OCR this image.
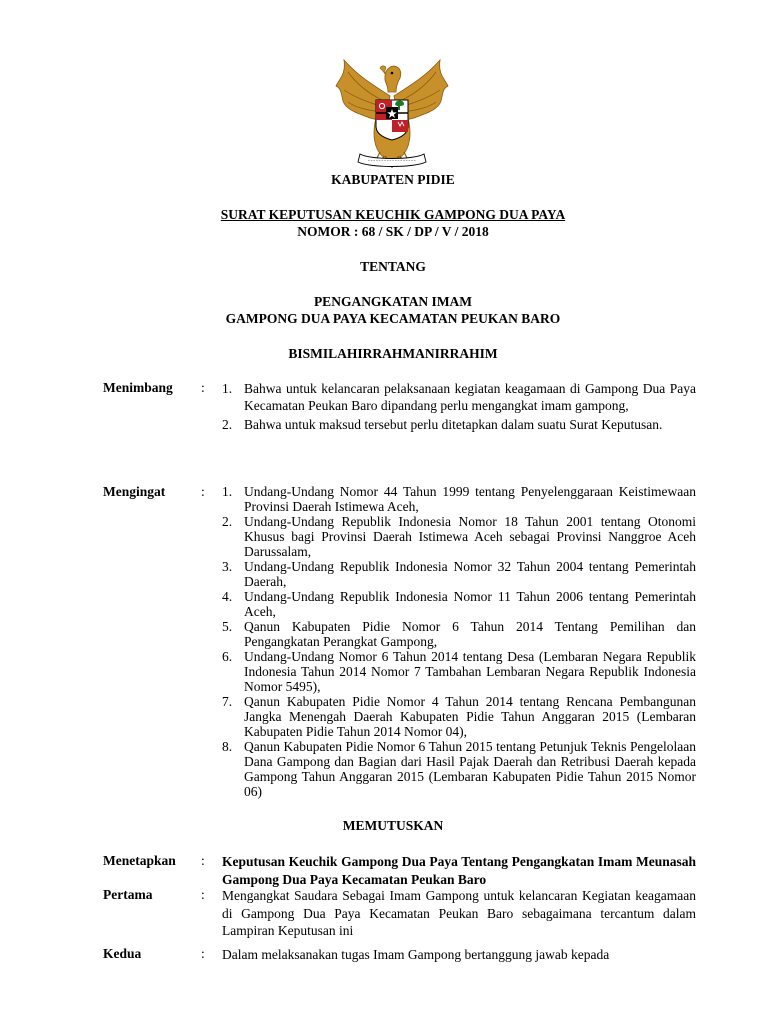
KABUPATEN PIDIE
SURAT KEPUTUSAN KEUCHIK GAMPONG DUA PAYA
NOMOR : 68 / SK / DP / V / 2018
TENTANG
PENGANGKATAN IMAM
GAMPONG DUA PAYA KECAMATAN PEUKAN BARO
BISMILAHIRRAHMANIRRAHIM
Menimbang : 1. Bahwa untuk kelancaran pelaksanaan kegiatan keagamaan di Gampong Dua Paya Kecamatan Peukan Baro dipandang perlu mengangkat imam gampong,
2. Bahwa untuk maksud tersebut perlu ditetapkan dalam suatu Surat Keputusan.
Mengingat	: 1. Undang-Undang Nomor 44 Tahun 1999 tentang Penyelenggaraan Keistimewaan Provinsi Daerah Istimewa Aceh,
2. Undang-Undang Republik Indonesia Nomor 18 Tahun 2001 tentang Otonomi Khusus bagi Provinsi Daerah Istimewa Aceh sebagai Provinsi Nanggroe Aceh Darussalam,
3. Undang-Undang Republik Indonesia Nomor 32 Tahun 2004 tentang Pemerintah Daerah,
4. Undang-Undang Republik Indonesia Nomor 11 Tahun 2006 tentang Pemerintah Aceh,
5. Qanun Kabupaten Pidie Nomor 6 Tahun 2014 Tentang Pemilihan dan Pengangkatan Perangkat Gampong,
6. Undang-Undang Nomor 6 Tahun 2014 tentang Desa (Lembaran Negara Republik Indonesia Tahun 2014 Nomor 7 Tambahan Lembaran Negara Republik Indonesia Nomor 5495),
7. Qanun Kabupaten Pidie Nomor 4 Tahun 2014 tentang Rencana Pembangunan Jangka Menengah Daerah Kabupaten Pidie Tahun Anggaran 2015 (Lembaran Kabupaten Pidie Tahun 2014 Nomor 04),
8. Qanun Kabupaten Pidie Nomor 6 Tahun 2015 tentang Petunjuk Teknis Pengelolaan Dana Gampong dan Bagian dari Hasil Pajak Daerah dan Retribusi Daerah kepada Gampong Tahun Anggaran 2015 (Lembaran Kabupaten Pidie Tahun 2015 Nomor 06)
MEMUTUSKAN
Menetapkan : Keputusan Keuchik Gampong Dua Paya Tentang Pengangkatan Imam Meunasah Gampong Dua Paya Kecamatan Peukan Baro
Pertama	: Mengangkat Saudara Sebagai Imam Gampong untuk kelancaran Kegiatan keagamaan di Gampong Dua Paya Kecamatan Peukan Baro sebagaimana tercantum dalam Lampiran Keputusan ini
Kedua	: Dalam melaksanakan tugas Imam Gampong bertanggung jawab kepada
